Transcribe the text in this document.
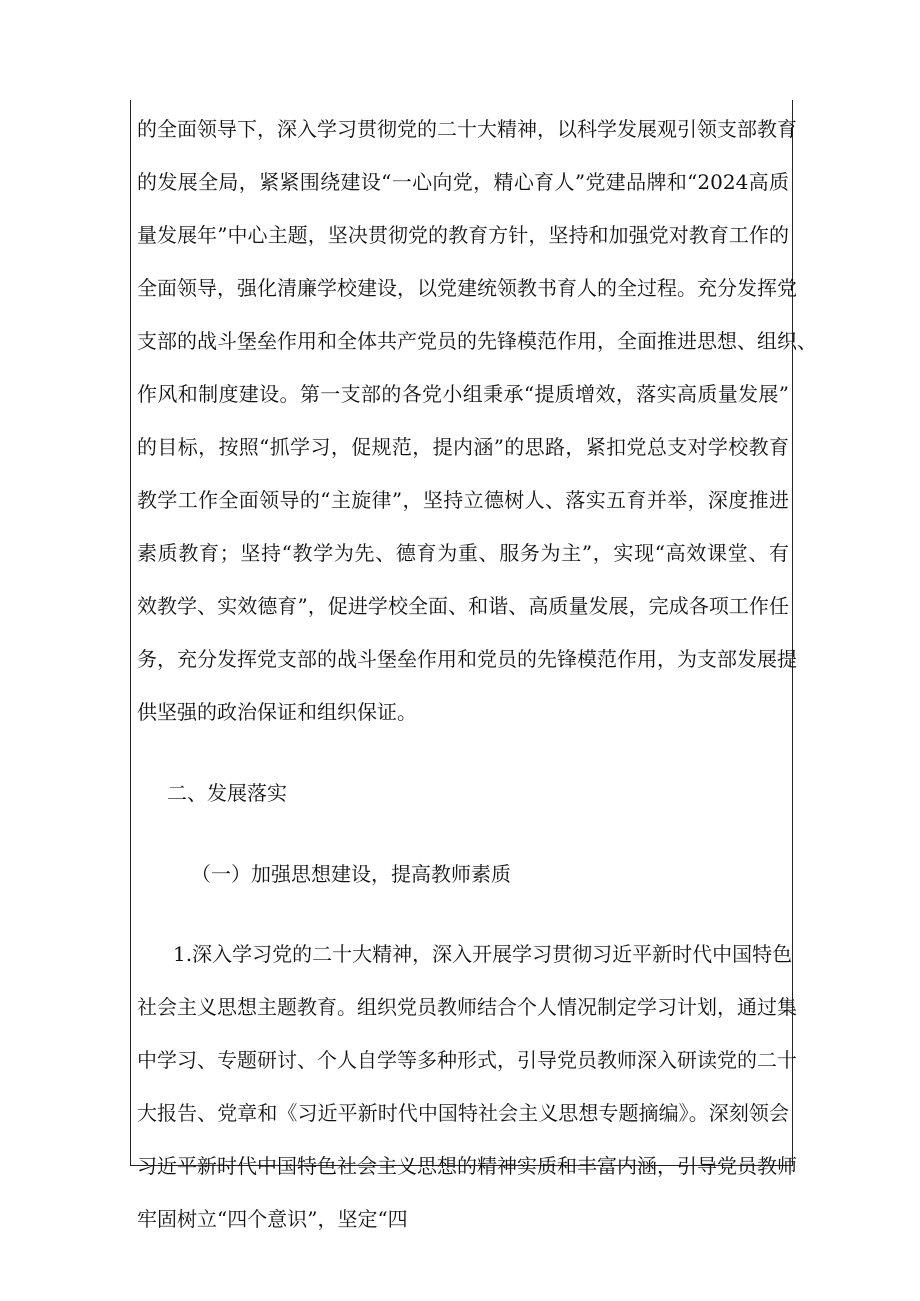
的全面领导下，深入学习贯彻党的二十大精神，以科学发展观引领支部教育
的发展全局，紧紧围绕建设“一心向党，精心育人”党建品牌和“2024高质
量发展年”中心主题，坚决贯彻党的教育方针，坚持和加强党对教育工作的
全面领导，强化清廉学校建设，以党建统领教书育人的全过程。充分发挥党
支部的战斗堡垒作用和全体共产党员的先锋模范作用，全面推进思想、组织、
作风和制度建设。第一支部的各党小组秉承“提质增效，落实高质量发展”
的目标，按照“抓学习，促规范，提内涵”的思路，紧扣党总支对学校教育
教学工作全面领导的“主旋律”，坚持立德树人、落实五育并举，深度推进
素质教育；坚持“教学为先、德育为重、服务为主”，实现“高效课堂、有
效教学、实效德育”，促进学校全面、和谐、高质量发展，完成各项工作任
务，充分发挥党支部的战斗堡垒作用和党员的先锋模范作用，为支部发展提
供坚强的政治保证和组织保证。
二、发展落实
（一）加强思想建设，提高教师素质
1.深入学习党的二十大精神，深入开展学习贯彻习近平新时代中国特色
社会主义思想主题教育。组织党员教师结合个人情况制定学习计划，通过集
中学习、专题研讨、个人自学等多种形式，引导党员教师深入研读党的二十
大报告、党章和《习近平新时代中国特社会主义思想专题摘编》。深刻领会
习近平新时代中国特色社会主义思想的精神实质和丰富内涵，引导党员教师
牢固树立“四个意识”，坚定“四
